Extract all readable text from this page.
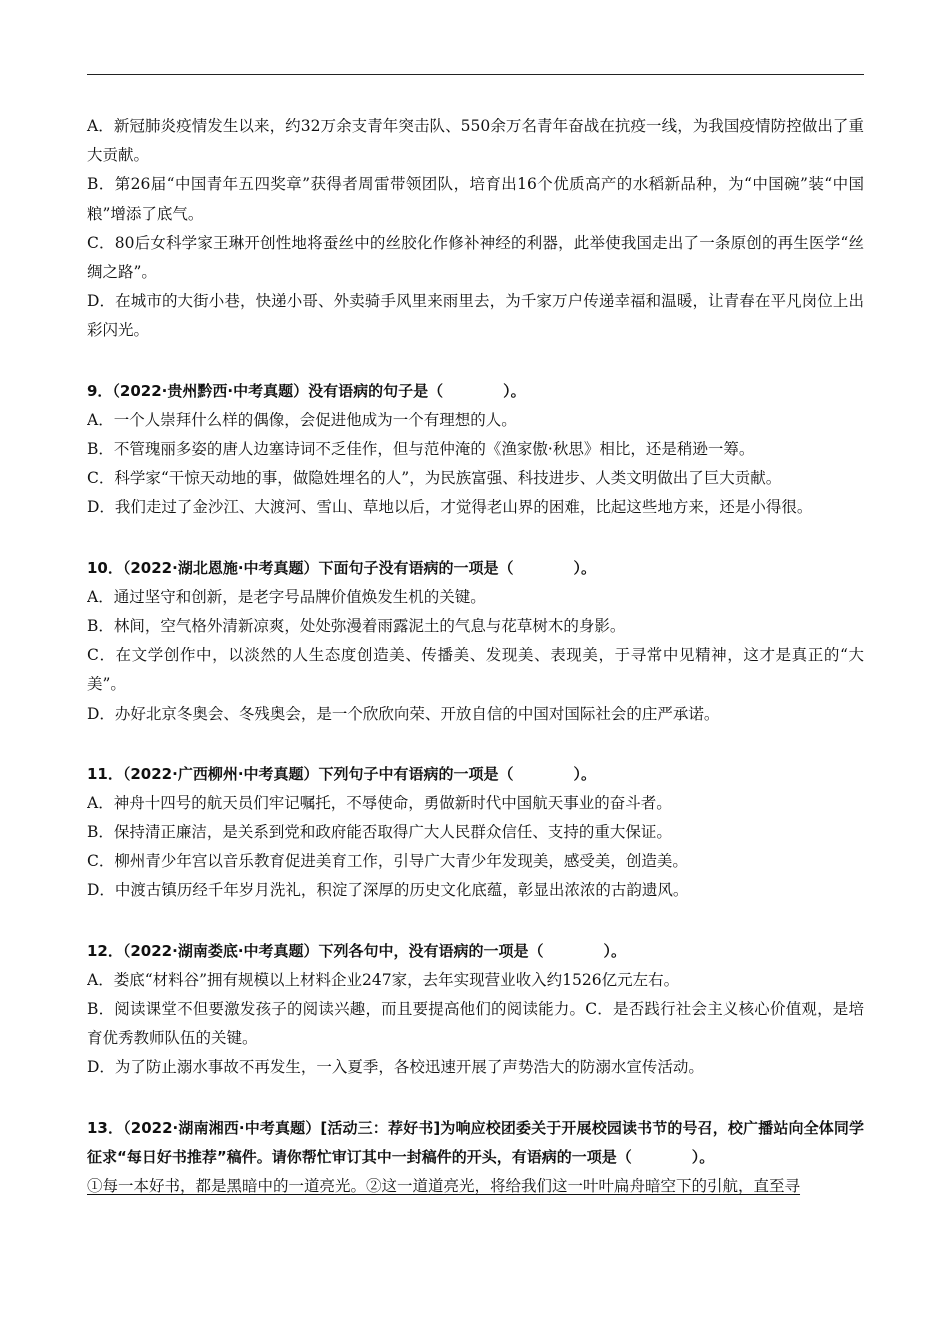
A．新冠肺炎疫情发生以来，约32万余支青年突击队、550余万名青年奋战在抗疫一线，为我国疫情防控做出了重大贡献。
B．第26届“中国青年五四奖章”获得者周雷带领团队，培育出16个优质高产的水稻新品种，为“中国碗”装“中国粮”增添了底气。
C．80后女科学家王琳开创性地将蚕丝中的丝胶化作修补神经的利器，此举使我国走出了一条原创的再生医学“丝绸之路”。
D．在城市的大街小巷，快递小哥、外卖骑手风里来雨里去，为千家万户传递幸福和温暖，让青春在平凡岗位上出彩闪光。
9．（2022·贵州黔西·中考真题）没有语病的句子是（　　　　）。
A．一个人崇拜什么样的偶像，会促进他成为一个有理想的人。
B．不管瑰丽多姿的唐人边塞诗词不乏佳作，但与范仲淹的《渔家傲·秋思》相比，还是稍逊一筹。
C．科学家“干惊天动地的事，做隐姓埋名的人”，为民族富强、科技进步、人类文明做出了巨大贡献。
D．我们走过了金沙江、大渡河、雪山、草地以后，才觉得老山界的困难，比起这些地方来，还是小得很。
10．（2022·湖北恩施·中考真题）下面句子没有语病的一项是（　　　　）。
A．通过坚守和创新，是老字号品牌价值焕发生机的关键。
B．林间，空气格外清新凉爽，处处弥漫着雨露泥土的气息与花草树木的身影。
C．在文学创作中，以淡然的人生态度创造美、传播美、发现美、表现美，于寻常中见精神，这才是真正的“大美”。
D．办好北京冬奥会、冬残奥会，是一个欣欣向荣、开放自信的中国对国际社会的庄严承诺。
11．（2022·广西柳州·中考真题）下列句子中有语病的一项是（　　　　）。
A．神舟十四号的航天员们牢记嘱托，不辱使命，勇做新时代中国航天事业的奋斗者。
B．保持清正廉洁，是关系到党和政府能否取得广大人民群众信任、支持的重大保证。
C．柳州青少年宫以音乐教育促进美育工作，引导广大青少年发现美，感受美，创造美。
D．中渡古镇历经千年岁月洗礼，积淀了深厚的历史文化底蕴，彰显出浓浓的古韵遗风。
12．（2022·湖南娄底·中考真题）下列各句中，没有语病的一项是（　　　　）。
A．娄底“材料谷”拥有规模以上材料企业247家，去年实现营业收入约1526亿元左右。
B．阅读课堂不但要激发孩子的阅读兴趣，而且要提高他们的阅读能力。C．是否践行社会主义核心价值观，是培育优秀教师队伍的关键。
D．为了防止溺水事故不再发生，一入夏季，各校迅速开展了声势浩大的防溺水宣传活动。
13．（2022·湖南湘西·中考真题）[活动三：荐好书]为响应校团委关于开展校园读书节的号召，校广播站向全体同学征求“每日好书推荐”稿件。请你帮忙审订其中一封稿件的开头，有语病的一项是（　　　　）。
①每一本好书，都是黑暗中的一道亮光。②这一道道亮光，将给我们这一叶叶扁舟暗空下的引航，直至寻
